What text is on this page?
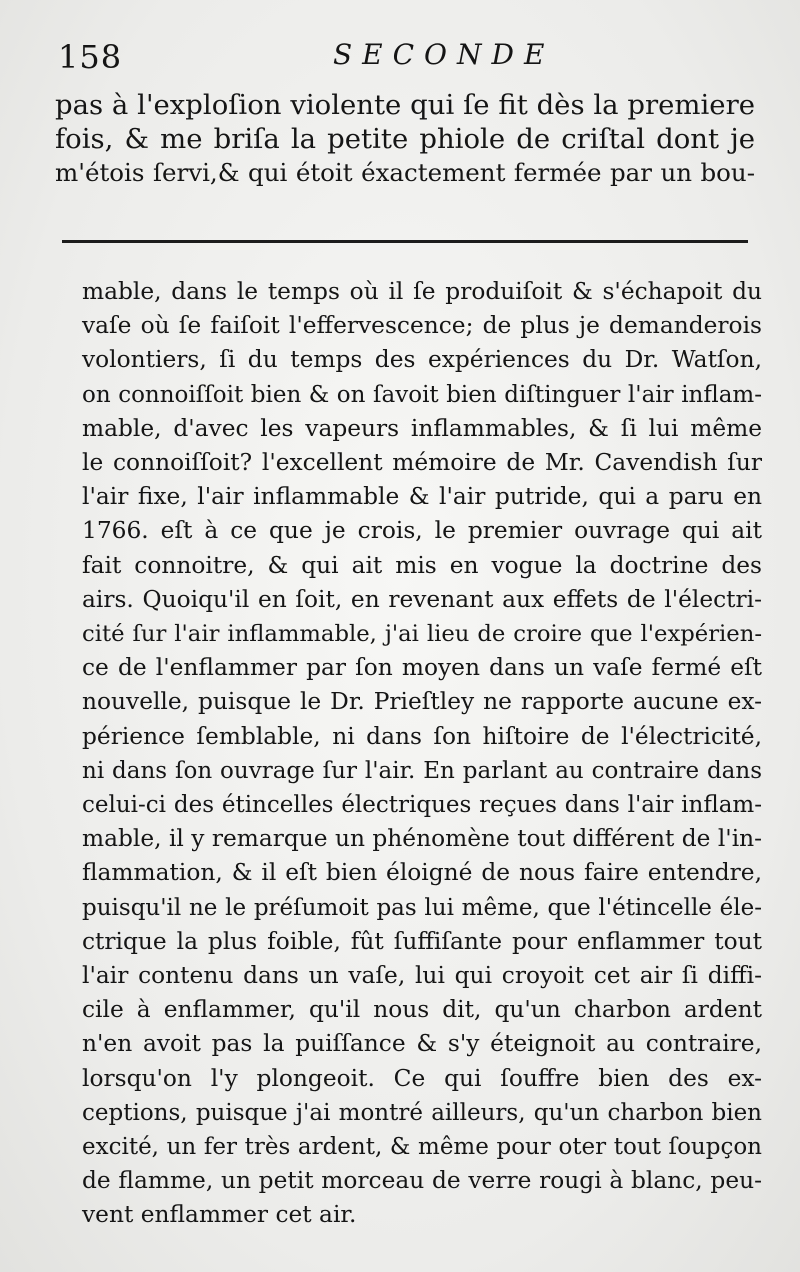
158	SECONDE
pas à l'exploſion violente qui ſe fit dès la premiere
fois, & me briſa la petite phiole de criſtal dont je
m'étois ſervi,& qui étoit éxactement fermée par un bou-
mable, dans le temps où il ſe produiſoit & s'échapoit du
vaſe où ſe faiſoit l'effervescence; de plus je demanderois
volontiers, ſi du temps des expériences du Dr. Watſon,
on connoiſſoit bien & on ſavoit bien diſtinguer l'air inflam-
mable, d'avec les vapeurs inflammables, & ſi lui même
le connoiſſoit? l'excellent mémoire de Mr. Cavendish ſur
l'air fixe, l'air inflammable & l'air putride, qui a paru en
1766. eſt à ce que je crois, le premier ouvrage qui ait
fait connoitre, & qui ait mis en vogue la doctrine des
airs. Quoiqu'il en ſoit, en revenant aux effets de l'électri-
cité ſur l'air inflammable, j'ai lieu de croire que l'expérien-
ce de l'enflammer par ſon moyen dans un vaſe fermé eſt
nouvelle, puisque le Dr. Prieſtley ne rapporte aucune ex-
périence ſemblable, ni dans ſon hiſtoire de l'électricité,
ni dans ſon ouvrage ſur l'air. En parlant au contraire dans
celui-ci des étincelles électriques reçues dans l'air inflam-
mable, il y remarque un phénomène tout différent de l'in-
flammation, & il eſt bien éloigné de nous faire entendre,
puisqu'il ne le préſumoit pas lui même, que l'étincelle éle-
ctrique la plus foible, fût ſuffiſante pour enflammer tout
l'air contenu dans un vaſe, lui qui croyoit cet air ſi diffi-
cile à enflammer, qu'il nous dit, qu'un charbon ardent
n'en avoit pas la puiſſance & s'y éteignoit au contraire,
lorsqu'on l'y plongeoit. Ce qui ſouffre bien des ex-
ceptions, puisque j'ai montré ailleurs, qu'un charbon bien
excité, un fer très ardent, & même pour oter tout ſoupçon
de flamme, un petit morceau de verre rougi à blanc, peu-
vent enflammer cet air.
